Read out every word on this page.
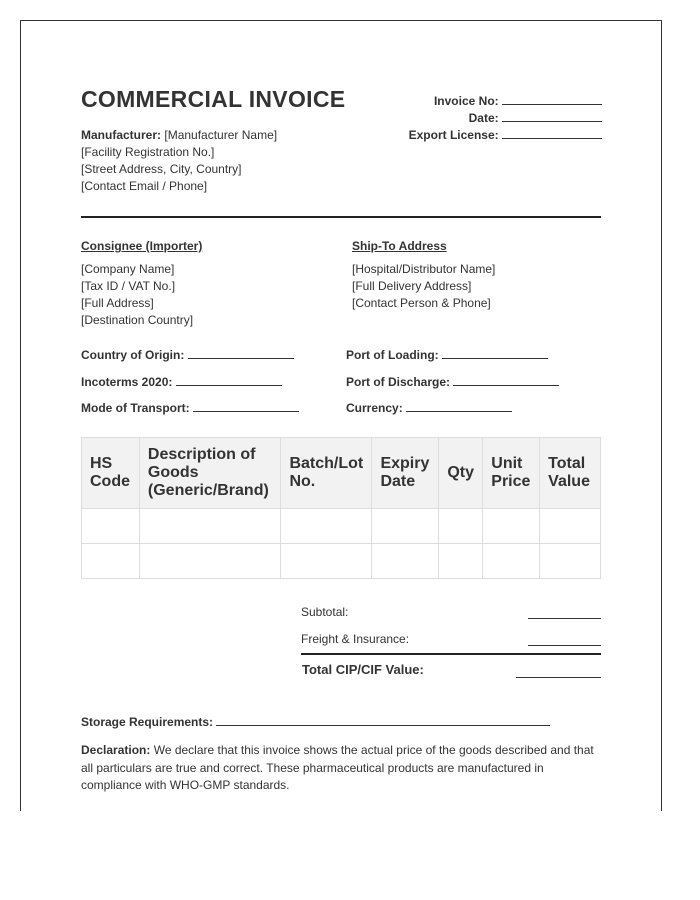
COMMERCIAL INVOICE	Invoice No:
Date:
Export License:
Manufacturer: [Manufacturer Name]
[Facility Registration No.]
[Street Address, City, Country]
[Contact Email / Phone]
Consignee (Importer)
[Company Name]
[Tax ID / VAT No.]
[Full Address]
[Destination Country]
Ship-To Address
[Hospital/Distributor Name]
[Full Delivery Address]
[Contact Person & Phone]
Country of Origin:	Port of Loading:
Incoterms 2020:	Port of Discharge:
Mode of Transport:	Currency:
HS Code	Description of Goods (Generic/Brand)	Batch/Lot No.	Expiry Date	Qty	Unit Price	Total Value

Subtotal:
Freight & Insurance:
Total CIP/CIF Value:
Storage Requirements:
Declaration: We declare that this invoice shows the actual price of the goods described and that all particulars are true and correct. These pharmaceutical products are manufactured in compliance with WHO-GMP standards.
